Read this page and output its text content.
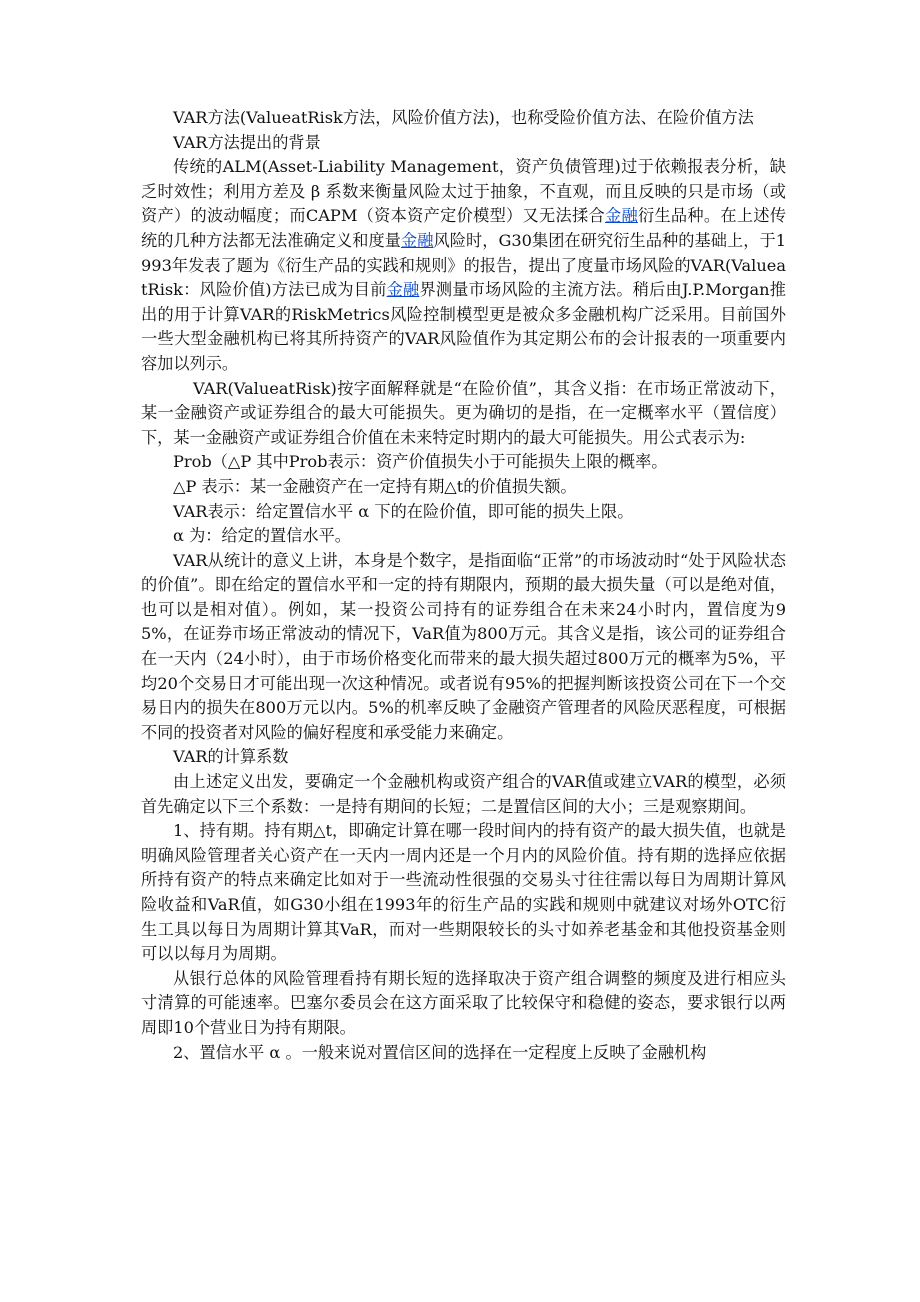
VAR方法(ValueatRisk方法，风险价值方法)，也称受险价值方法、在险价值方法

VAR方法提出的背景

传统的ALM(Asset-Liability Management，资产负债管理)过于依赖报表分析，缺乏时效性；利用方差及 β 系数来衡量风险太过于抽象，不直观，而且反映的只是市场（或资产）的波动幅度；而CAPM（资本资产定价模型）又无法揉合金融衍生品种。在上述传统的几种方法都无法准确定义和度量金融风险时，G30集团在研究衍生品种的基础上，于1993年发表了题为《衍生产品的实践和规则》的报告，提出了度量市场风险的VAR(ValueatRisk：风险价值)方法已成为目前金融界测量市场风险的主流方法。稍后由J.P.Morgan推出的用于计算VAR的RiskMetrics风险控制模型更是被众多金融机构广泛采用。目前国外一些大型金融机构已将其所持资产的VAR风险值作为其定期公布的会计报表的一项重要内容加以列示。

VAR(ValueatRisk)按字面解释就是“在险价值”，其含义指：在市场正常波动下，某一金融资产或证券组合的最大可能损失。更为确切的是指，在一定概率水平（置信度）下，某一金融资产或证券组合价值在未来特定时期内的最大可能损失。用公式表示为:

Prob（△P 其中Prob表示：资产价值损失小于可能损失上限的概率。

△P 表示：某一金融资产在一定持有期△t的价值损失额。

VAR表示：给定置信水平 α 下的在险价值，即可能的损失上限。

α 为：给定的置信水平。

VAR从统计的意义上讲，本身是个数字，是指面临“正常”的市场波动时“处于风险状态的价值”。即在给定的置信水平和一定的持有期限内，预期的最大损失量（可以是绝对值，也可以是相对值）。例如，某一投资公司持有的证券组合在未来24小时内，置信度为95%，在证券市场正常波动的情况下，VaR值为800万元。其含义是指，该公司的证券组合在一天内（24小时），由于市场价格变化而带来的最大损失超过800万元的概率为5%，平均20个交易日才可能出现一次这种情况。或者说有95%的把握判断该投资公司在下一个交易日内的损失在800万元以内。5%的机率反映了金融资产管理者的风险厌恶程度，可根据不同的投资者对风险的偏好程度和承受能力来确定。

VAR的计算系数

由上述定义出发，要确定一个金融机构或资产组合的VAR值或建立VAR的模型，必须首先确定以下三个系数：一是持有期间的长短；二是置信区间的大小；三是观察期间。

1、持有期。持有期△t，即确定计算在哪一段时间内的持有资产的最大损失值，也就是明确风险管理者关心资产在一天内一周内还是一个月内的风险价值。持有期的选择应依据所持有资产的特点来确定比如对于一些流动性很强的交易头寸往往需以每日为周期计算风险收益和VaR值，如G30小组在1993年的衍生产品的实践和规则中就建议对场外OTC衍生工具以每日为周期计算其VaR，而对一些期限较长的头寸如养老基金和其他投资基金则可以以每月为周期。

从银行总体的风险管理看持有期长短的选择取决于资产组合调整的频度及进行相应头寸清算的可能速率。巴塞尔委员会在这方面采取了比较保守和稳健的姿态，要求银行以两周即10个营业日为持有期限。

2、置信水平 α 。一般来说对置信区间的选择在一定程度上反映了金融机构
